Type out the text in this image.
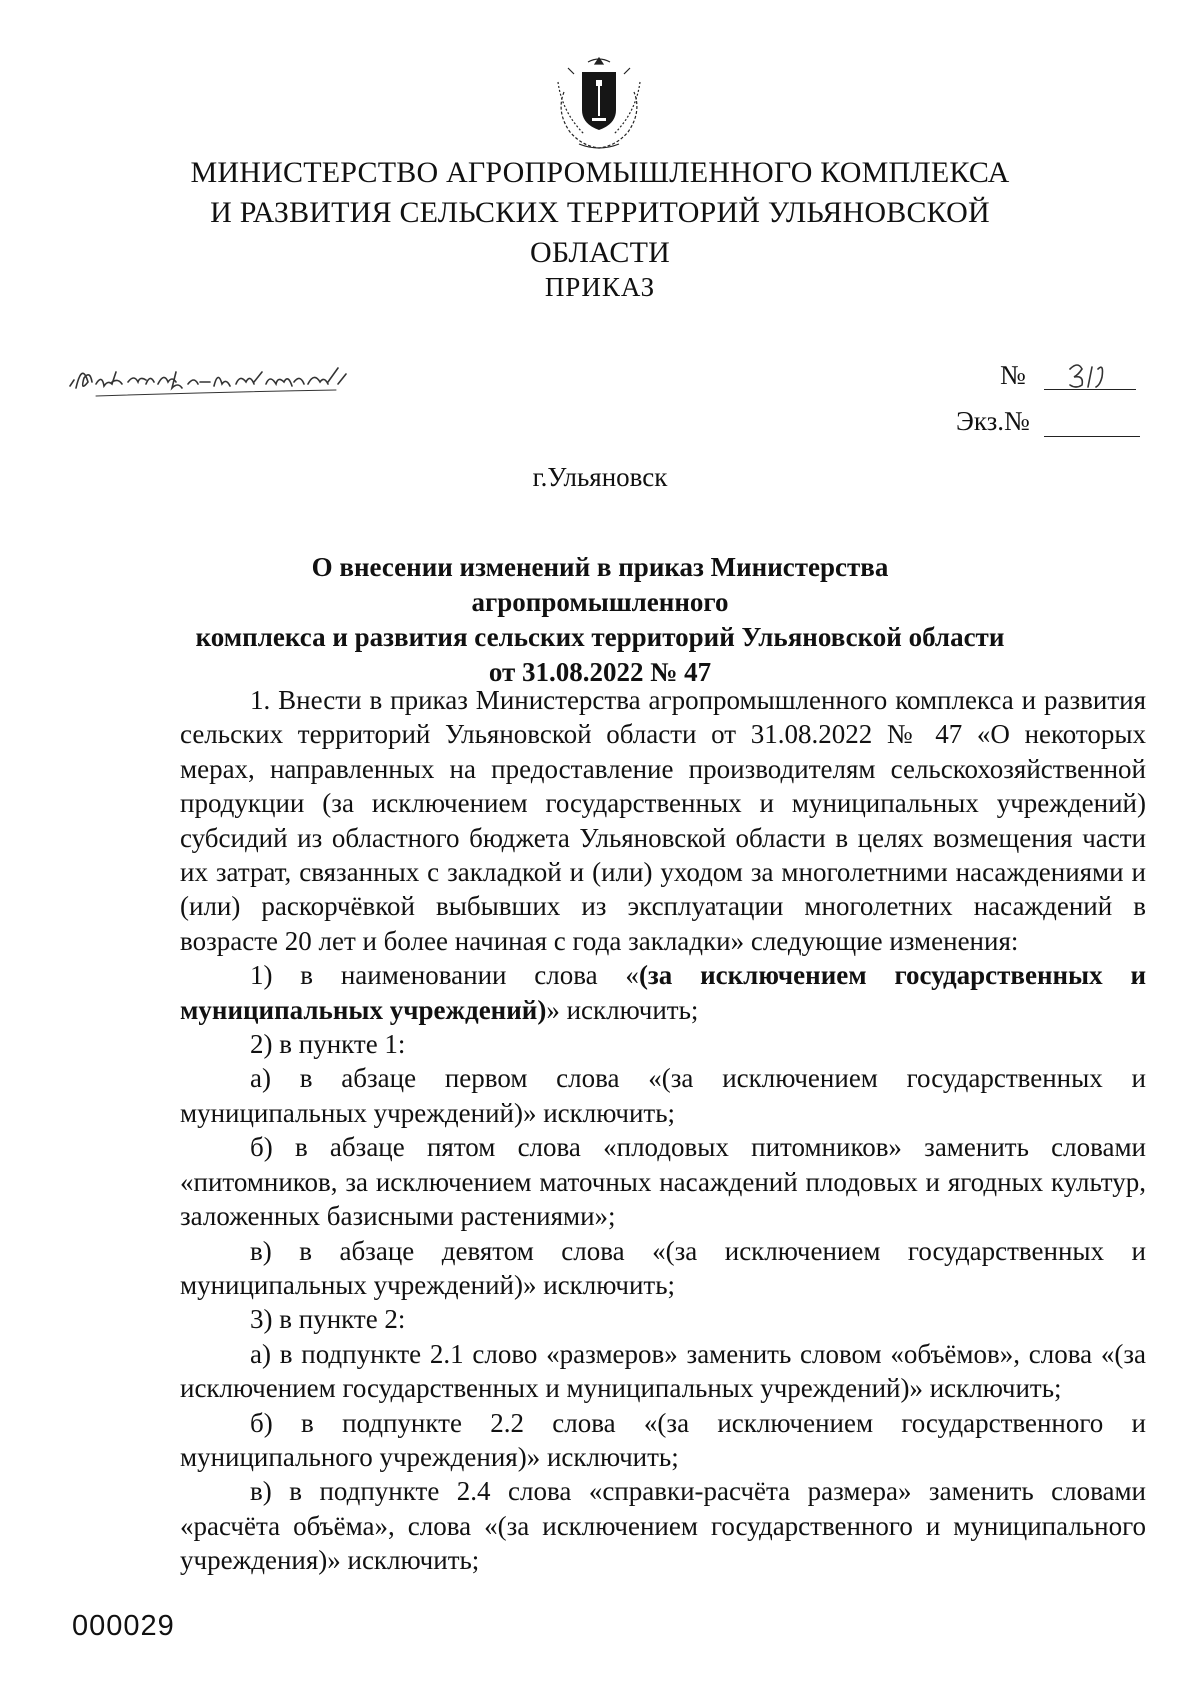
МИНИСТЕРСТВО АГРОПРОМЫШЛЕННОГО КОМПЛЕКСА
И РАЗВИТИЯ СЕЛЬСКИХ ТЕРРИТОРИЙ УЛЬЯНОВСКОЙ ОБЛАСТИ
ПРИКАЗ
№
Экз.№
г.Ульяновск
О внесении изменений в приказ Министерства агропромышленного
комплекса и развития сельских территорий Ульяновской области
от 31.08.2022 № 47

1. Внести в приказ Министерства агропромышленного комплекса и развития сельских территорий Ульяновской области от 31.08.2022 № 47 «О некоторых мерах, направленных на предоставление производителям сельскохозяйственной продукции (за исключением государственных и муниципальных учреждений) субсидий из областного бюджета Ульяновской области в целях возмещения части их затрат, связанных с закладкой и (или) уходом за многолетними насаждениями и (или) раскорчёвкой выбывших из эксплуатации многолетних насаждений в возрасте 20 лет и более начиная с года закладки» следующие изменения:

1) в наименовании слова «(за исключением государственных и муниципальных учреждений)» исключить;

2) в пункте 1:

а) в абзаце первом слова «(за исключением государственных и муниципальных учреждений)» исключить;

б) в абзаце пятом слова «плодовых питомников» заменить словами «питомников, за исключением маточных насаждений плодовых и ягодных культур, заложенных базисными растениями»;

в) в абзаце девятом слова «(за исключением государственных и муниципальных учреждений)» исключить;

3) в пункте 2:

а) в подпункте 2.1 слово «размеров» заменить словом «объёмов», слова «(за исключением государственных и муниципальных учреждений)» исключить;

б) в подпункте 2.2 слова «(за исключением государственного и муниципального учреждения)» исключить;

в) в подпункте 2.4 слова «справки-расчёта размера» заменить словами «расчёта объёма», слова «(за исключением государственного и муниципального учреждения)» исключить;

000029
